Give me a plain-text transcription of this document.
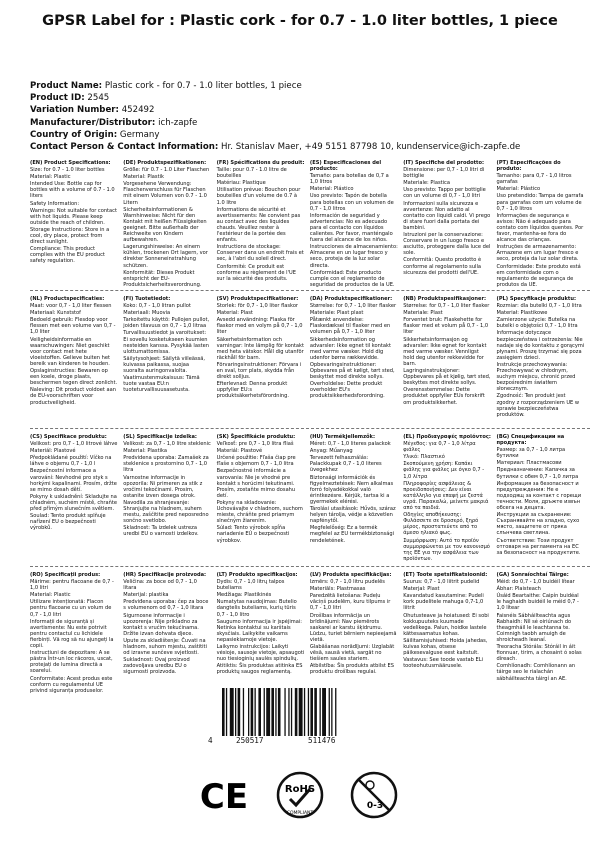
GPSR Label for : Plastic cork - for 0.7 - 1.0 liter bottles, 1 piece
Product Name: Plastic cork - for 0.7 - 1.0 liter bottles, 1 piece
Product ID: 2545
Variation Number: 452492
Manufacturer/Distributor: ich-zapfe
Country of Origin: Germany
Contact Person & Contact Information: Hr. Stanislav Maer, +49 5151 87798 10, kundenservice@ich-zapfe.de

(EN) Product Specifications:

Size: for 0.7 - 1.0 liter bottles

Material: Plastic

Intended Use: Bottle cap for bottles with a volume of 0.7 - 1.0 liters

Safety Information:

Warnings: Not suitable for contact with hot liquids. Please keep outside the reach of children.

Storage Instructions: Store in a cool, dry place, protect from direct sunlight.

Compliance: This product complies with the EU product safety regulation.

(DE) Produktspezifikationen:

Größe: für 0.7 - 1.0 Liter Flaschen

Material: Plastik

Vorgesehene Verwendung: Flaschenverschluss für Flaschen mit einem Volumen von 0.7 - 1.0 Litern

Sicherheitsinformationen & Warnhinweise: Nicht für den Kontakt mit heißen Flüssigkeiten geeignet. Bitte außerhalb der Reichweite von Kindern aufbewahren.

Lagerungshinweise: An einem kühlen, trockenen Ort lagern, vor direkter Sonneneinstrahlung schützen.

Konformität: Dieses Produkt entspricht der EU-Produktsicherheitsverordnung.

(FR) Spécifications du produit:

Taille: pour 0.7 - 1.0 litre de bouteilles

Matériau: Plastique

Utilisation prévue: Bouchon pour bouteilles d'un volume de 0.7 à 1.0 litre

Informations de sécurité et avertissements: Ne convient pas au contact avec des liquides chauds. Veuillez rester à l'extérieur de la portée des enfants.

Instructions de stockage: Conserver dans un endroit frais et sec, à l'abri du soleil direct.

Conformité: Ce produit est conforme au règlement de l'UE sur la sécurité des produits.

(ES) Especificaciones del producto:

Tamaño: para botellas de 0,7 a 1,0 litros

Material: Plástico

Uso previsto: Tapón de botella para botellas con un volumen de 0,7 - 1,0 litros

Información de seguridad y advertencias: No es adecuado para el contacto con líquidos calientes. Por favor, manténgalo fuera del alcance de los niños.

Instrucciones de almacenamiento: Almacene en un lugar fresco y seco, proteja de la luz solar directa.

Conformidad: Este producto cumple con el reglamento de seguridad de productos de la UE.

(IT) Specifiche del prodotto:

Dimensione: per 0,7 - 1,0 litri di bottiglie

Materiale: Plastica

Uso previsto: Tappo per bottiglie con un volume di 0,7 - 1,0 litri

Informazioni sulla sicurezza e avvertenze: Non adatto al contatto con liquidi caldi. Vi prego di stare fuori dalla portata dei bambini.

Istruzioni per la conservazione: Conservare in un luogo fresco e asciutto, proteggere dalla luce del sole.

Conformità: Questo prodotto è conforme al regolamento sulla sicurezza dei prodotti dell'UE.

(PT) Especificações do produto:

Tamanho: para 0,7 - 1,0 litros garrafas

Material: Plástico

Uso pretendido: Tampa de garrafa para garrafas com um volume de 0,7 - 1,0 litros

Informações de segurança e avisos: Não é adequado para contato com líquidos quentes. Por favor, mantenha-se fora do alcance das crianças.

Instruções de armazenamento: Armazene em um lugar fresco e seco, proteja da luz solar direta.

Conformidade: Este produto está em conformidade com o regulamento de segurança de produtos da UE.

(NL) Productspecificaties:

Maat: voor 0,7 - 1,0 liter flessen

Materiaal: Kunststof

Bedoeld gebruik: Flesdop voor flessen met een volume van 0,7 - 1,0 liter

Veiligheidsinformatie en waarschuwingen: Niet geschikt voor contact met hete vloeistoffen. Gelieve buiten het bereik van kinderen te houden.

Opslaginstructies: Bewaren op een koele, droge plaats, beschermen tegen direct zonlicht.

Naleving: Dit product voldoet aan de EU-voorschriften voor productveiligheid.

(FI) Tuotetiedot:

Koko: 0,7 - 1,0 litran pullot

Materiaali: Muovia

Tarkoitettu käyttö: Pullojen pullot, joiden tilavuus on 0,7 - 1,0 litraa

Turvallisuustiedot ja varoitukset: Ei sovellu kosketukseen kuumien nesteiden kanssa. Pysykää lasten ulottumattomissa.

Säilytysohjeet: Säilytä viileässä, kuivassa paikassa, suojaa suoralta auringonvalolta.

Vaatimustenmukaisuus: Tämä tuote vastaa EU:n tuoteturvallisuusasetusta.

(SV) Produktspecifikationer:

Storlek: för 0,7 - 1,0 liter flaskor

Material: Plast

Avsedd användning: Flaska för flaskor med en volym på 0,7 - 1,0 liter

Säkerhetsinformation och varningar: Inte lämplig för kontakt med heta vätskor. Håll dig utanför räckhåll för barn.

Förvaringsinstruktioner: Förvara i en sval, torr plats, skydda från direkt solljus.

Efterlevnad: Denna produkt uppfyller EU:s produktsäkerhetsförordning.

(DA) Produktspecifikationer:

Størrelse: for 0,7 - 1,0 liter flasker

Materiale: Plast plast

Påtænkt anvendelse: Flaskedæksel til flasker med en volumen på 0,7 - 1,0 liter

Sikkerhedsinformation og advarsler: Ikke egnet til kontakt med varme væsker. Hold dig udenfor børns rækkevidde.

Opbevaringsinstruktioner: Opbevares på et køligt, tørt sted, beskyttet mod direkte sollys.

Overholdelse: Dette produkt overholder EU's produktsikkerhedsforordning.

(NB) Produktspesifikasjoner:

Størrelse: for 0,7 - 1,0 liter flasker

Materiale: Plast

Forventet bruk: Flaskehette for flasker med et volum på 0,7 - 1,0 liter

Sikkerhetsinformasjon og advarsler: Ikke egnet for kontakt med varme væsker. Vennligst hold deg utenfor rekkevidde for barn.

Lagringsinstruksjoner: Oppbevares på et kjølig, tørt sted, beskyttes mot direkte sollys.

Overensstemmelse: Dette produktet oppfyller EUs forskrift om produktsikkerhet.

(PL) Specyfikacje produktu:

Rozmiar: dla butelki 0,7 - 1,0 litra

Materiał: Plastikowe

Zamierzone użycie: Butelka na butelki o objętości 0,7 - 1,0 litra

Informacje dotyczące bezpieczeństwa i ostrzeżenia: Nie nadaje się do kontaktu z gorącymi płynami. Proszę trzymać się poza zasięgiem dzieci.

Instrukcje przechowywania: Przechowywać w chłodnym, suchym miejscu, chronić przed bezpośrednim światłem słonecznym.

Zgodność: Ten produkt jest zgodny z rozporządzeniem UE w sprawie bezpieczeństwa produktów.

(CS) Specifikace produktu:

Velikost: pro 0,7 - 1,0 litrové láhve

Materiál: Plastové

Předpokládané použití: Víčko na láhve o objemu 0,7 - 1,0 l

Bezpečnostní informace a varování: Nevhodné pro styk s horkými kapalinami. Prosím, držte se mimo dosah dětí.

Pokyny k uskladnění: Skladujte na chladném, suchém místě, chraňte před přímým slunečním světlem.

Soulad: Tento produkt splňuje nařízení EU o bezpečnosti výrobků.

(SL) Specifikacije izdelka:

Velikost: za 0,7 - 1,0 litre steklenic

Material: Plastika

Predvidena uporaba: Zamašek za steklenice s prostornino 0,7 - 1,0 litra

Varnostne informacije in opozorila: Ni primeren za stik z vročimi tekočinami. Prosim, ostanite izven dosega otrok.

Navodila za shranjevanje: Shranjujte na hladnem, suhem mestu, zaščitite pred neposredno sončno svetlobo.

Skladnost: Ta izdelek ustreza uredbi EU o varnosti izdelkov.

(SK) Špecifikácie produktu:

Veľkosť: pre 0,7 - 1,0 litra fliaš

Materiál: Plastové

Určené použitie: Fľaša čiap pre fľaše s objemom 0,7 - 1,0 litra

Bezpečnostné informácie a varovania: Nie je vhodné pre kontakt s horúcimi tekutinami. Prosím, zostaňte mimo dosahu detí.

Pokyny na skladovanie: Uchovávajte v chladnom, suchom mieste, chráňte pred priamym slnečným žiarením.

Súlad: Tento výrobok spĺňa nariadenie EÚ o bezpečnosti výrobkov.

(HU) Termékjellemzők:

Méret: 0,7 - 1,0 literes palackok

Anyag: Műanyag

Tervezett felhasználás: Palackkupak 0,7 - 1,0 literes üvegekhez

Biztonsági információk és figyelmeztetések: Nem alkalmas forró folyadékokkal való érintkezésre. Kérjük, tartsa ki a gyermekek elérési.

Tárolási utasítások: Hűvös, száraz helyen tárolja, védje a közvetlen napfénytől.

Megfelelőség: Ez a termék megfelel az EU termékbiztonsági rendeletének.

(EL) Προδιαγραφές προϊόντος:

Μέγεθος: για 0,7 - 1,0 λίτρα φιάλες

Υλικό: Πλαστικό

Σκοπούμενη χρήση: Καπάκι φιάλης για φιάλες με όγκο 0,7 - 1,0 λίτρα

Πληροφορίες ασφάλειας & προειδοποιήσεις: Δεν είναι κατάλληλο για επαφή με ζεστά υγρά. Παρακαλώ, μείνετε μακριά από τα παιδιά.

Οδηγίες αποθήκευσης: Φυλάσσετε σε δροσερό, ξηρό μέρος, προστατεύετε από το άμεσο ηλιακό φως.

Συμμόρφωση: Αυτό το προϊόν συμμορφώνεται με τον κανονισμό της ΕΕ για την ασφάλεια των προϊόντων.

(BG) Спецификации на продукта:

Размер: за 0,7 - 1,0 литра бутилки

Материал: Пластмасови

Предназначение: Капачка за бутилки с обем 0,7 - 1,0 литра

Информация за безопасност и предупреждения: Не е подходящ за контакт с горещи течности. Моля, дръжте извън обсега на децата.

Инструкции за съхранение: Съхранявайте на хладно, сухо място, защитете от пряка слънчева светлина.

Съответствие: Този продукт отговаря на регламента на ЕС за безопасност на продуктите.

(RO) Specificații produs:

Mărime: pentru flacoane de 0,7 - 1,0 litri

Material: Plastic

Utilizare intenționată: Flacon pentru flacoane cu un volum de 0,7 - 1,0 litri

Informații de siguranță și avertismente: Nu este potrivit pentru contactul cu lichidele fierbinți. Vă rog să nu ajungeți la copii.

Instrucțiuni de depozitare: A se păstra într-un loc răcoros, uscat, protejați de lumina directă a soarelui.

Conformitate: Acest produs este conform cu regulamentul UE privind siguranța produselor.

(HR) Specifikacije proizvoda:

Veličina: za boce od 0,7 - 1,0 litara

Materijal: plastika

Predviđena uporaba: čep za boce s volumenom od 0,7 - 1,0 litara

Sigurnosne informacije i upozorenja: Nije prikladno za kontakt s vrućim tekućinama. Držite izvan dohvata djece.

Upute za skladištenje: Čuvati na hladnom, suhom mjestu, zaštititi od izravne sunčeve svjetlosti.

Sukladnost: Ovaj proizvod zadovoljava uredbu EU o sigurnosti proizvoda.

(LT) Produkto specifikacijos:

Dydis: 0,7 - 1,0 litrų talpos buteliams

Medžiaga: Plastikinės

Numatytas naudojimas: Butelio dangtelis buteliams, kurių tūris 0,7 - 1,0 litro

Saugumo informacija ir įspėjimai: Netinka kontaktui su karštais skysčiais. Laikykite vaikams nepasiekiamoje vietoje.

Laikymo instrukcijos: Laikyti vėsioje, sausoje vietoje, apsaugoti nuo tiesioginių saulės spindulių.

Atitiktis: Šis produktas atitinka ES produktų saugos reglamentą.

(LV) Produkta specifikācijas:

Izmērs: 0,7 - 1,0 litru pudelēs

Materiāls: Plastmasas

Paredzētā lietošana: Pudeļu vāciņš pudelēm, kuru tilpums ir 0,7 - 1,0 litri

Drošības informācija un brīdinājumi: Nav piemērots saskarei ar karstu šķidrumu. Lūdzu, turiet bērniem nepieejamā vietā.

Glabāšanas norādījumi: Uzglabāt vēsā, sausā vietā, sargāt no tiešiem saules stariem.

Atbilstība: Šis produkts atbilst ES produktu drošības regulai.

(ET) Toote spetsifikatsioonid:

Suurus: 0,7 - 1,0 liitrit pudelid

Materjal: Plast

Kavandatud kasutamine: Pudeli kork pudelitele mahuga 0,7-1,0 liitrit

Ohutusteave ja hoiatused: Ei sobi kokkupuuteks kuumade vedelikega. Palun, hoidke lastele kättesaamatus kohas.

Säilitamisjuhised: Hoida jahedas, kuivas kohas, otsese päikesevalguse eest kaitstult.

Vastavus: See toode vastab ELi tooteohutusmäärusele.

(GA) Sonraíochtaí Táirge:

Méid: do 0,7 - 1,0 buidéil lítear

Ábhar: Plaisteach

Úsáid Beartaithe: Caipín buidéal le haghaidh buidéil le méid 0,7 - 1,0 lítear

Faisnéis Sábháilteachta agus Rabhaidh: Níl sé oiriúnach do theagmháil le leachtanna te. Coimnigh taobh amuigh de shroicheadh leanaí.

Treoracha Stórála: Stóráil in áit fionnuar, tirim, a chosaint ó solas díreach.

Comhlíonadh: Comhlíonann an táirge seo le rialachán sábháilteachta táirgí an AE.

4	250517	511476
CE	RoHS
COMPLIANT
0-3
